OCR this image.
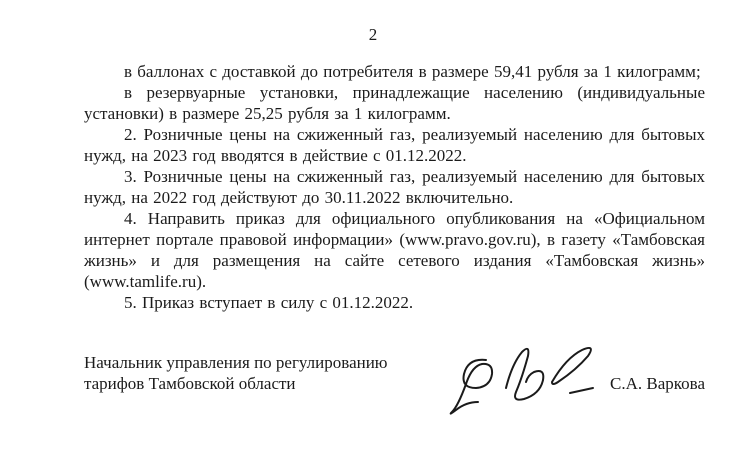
2

в баллонах с доставкой до потребителя в размере 59,41 рубля за 1 килограмм;

в резервуарные установки, принадлежащие населению (индивидуальные установки) в размере 25,25 рубля за 1 килограмм.

2. Розничные цены на сжиженный газ, реализуемый населению для бытовых нужд, на 2023 год вводятся в действие с 01.12.2022.

3. Розничные цены на сжиженный газ, реализуемый населению для бытовых нужд, на 2022 год действуют до 30.11.2022 включительно.

4. Направить приказ для официального опубликования на «Официальном интернет портале правовой информации» (www.pravo.gov.ru), в газету «Тамбовская жизнь» и для размещения на сайте сетевого издания «Тамбовская жизнь» (www.tamlife.ru).

5. Приказ вступает в силу с 01.12.2022.

Начальник управления по регулированию тарифов Тамбовской области	С.А. Варкова
